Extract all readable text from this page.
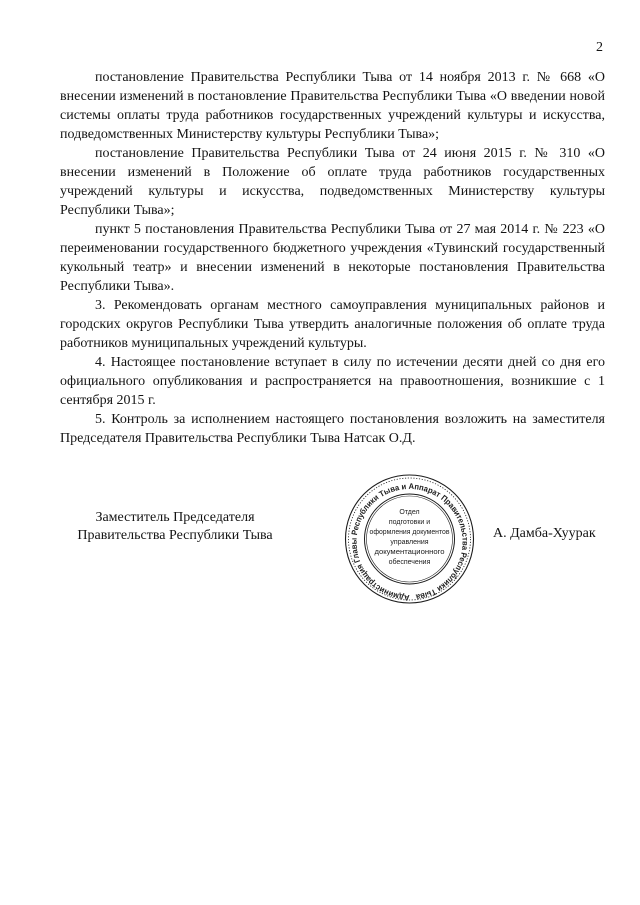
2

постановление Правительства Республики Тыва от 14 ноября 2013 г. № 668 «О внесении изменений в постановление Правительства Республики Тыва «О введении новой системы оплаты труда работников государственных учреждений культуры и искусства, подведомственных Министерству культуры Республики Тыва»;

постановление Правительства Республики Тыва от 24 июня 2015 г. № 310 «О внесении изменений в Положение об оплате труда работников государственных учреждений культуры и искусства, подведомственных Министерству культуры Республики Тыва»;

пункт 5 постановления Правительства Республики Тыва от 27 мая 2014 г. № 223 «О переименовании государственного бюджетного учреждения «Тувинский государственный кукольный театр» и внесении изменений в некоторые постановления Правительства Республики Тыва».

3. Рекомендовать органам местного самоуправления муниципальных районов и городских округов Республики Тыва утвердить аналогичные положения об оплате труда работников муниципальных учреждений культуры.

4. Настоящее постановление вступает в силу по истечении десяти дней со дня его официального опубликования и распространяется на правоотношения, возникшие с 1 сентября 2015 г.

5. Контроль за исполнением настоящего постановления возложить на заместителя Председателя Правительства Республики Тыва Натсак О.Д.

Заместитель Председателя
Правительства Республики Тыва
Администрация Главы Республики Тыва и Аппарат Правительства Республики Тыва
Отдел
подготовки и
оформления документов
управления
документационного
обеспечения
А. Дамба-Хуурак
